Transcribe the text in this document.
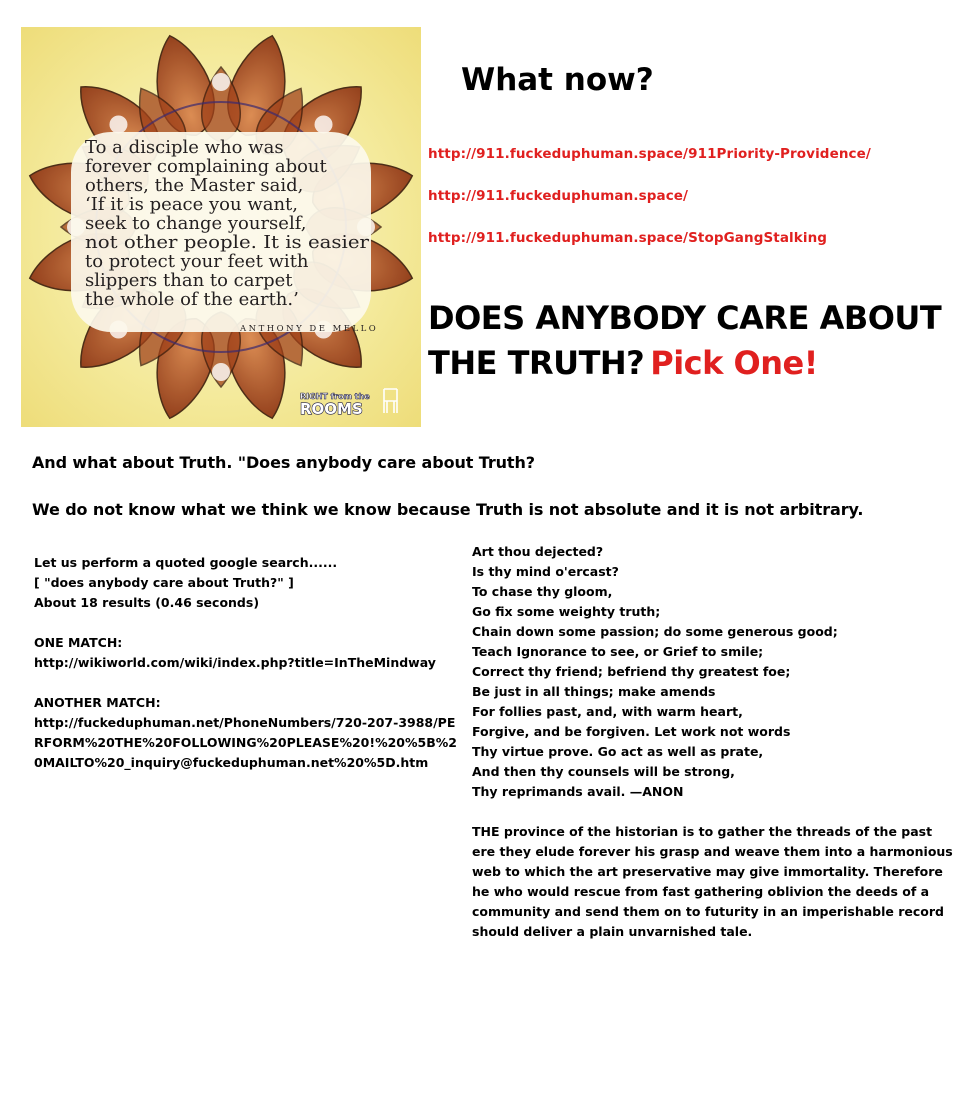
To a disciple who was
forever complaining about
others, the Master said,
‘If it is peace you want,
seek to change yourself,
not other people. It is easier
to protect your feet with
slippers than to carpet
the whole of the earth.’
ANTHONY DE MELLO
RIGHT from the
ROOMS
What now?
http://911.fuckeduphuman.space/911Priority-Providence/
http://911.fuckeduphuman.space/
http://911.fuckeduphuman.space/StopGangStalking
DOES ANYBODY CARE ABOUT
THE TRUTH? Pick One!

And what about Truth. "Does anybody care about Truth?

We do not know what we think we know because Truth is not absolute and it is not arbitrary.

Let us perform a quoted google search......
[ "does anybody care about Truth?" ]
About 18 results (0.46 seconds)
ONE MATCH:
http://wikiworld.com/wiki/index.php?title=InTheMindway
ANOTHER MATCH:
http://fuckeduphuman.net/PhoneNumbers/720-207-3988/PERFORM%20THE%20FOLLOWING%20PLEASE%20!%20%5B%20MAILTO%20_inquiry@fuckeduphuman.net%20%5D.htm
Art thou dejected?
Is thy mind o'ercast?
To chase thy gloom,
Go fix some weighty truth;
Chain down some passion; do some generous good;
Teach Ignorance to see, or Grief to smile;
Correct thy friend; befriend thy greatest foe;
Be just in all things; make amends
For follies past, and, with warm heart,
Forgive, and be forgiven. Let work not words
Thy virtue prove. Go act as well as prate,
And then thy counsels will be strong,
Thy reprimands avail. —ANON
THE province of the historian is to gather the threads of the past ere they elude forever his grasp and weave them into a harmonious web to which the art preservative may give immortality. Therefore he who would rescue from fast gathering oblivion the deeds of a community and send them on to futurity in an imperishable record should deliver a plain unvarnished tale.
